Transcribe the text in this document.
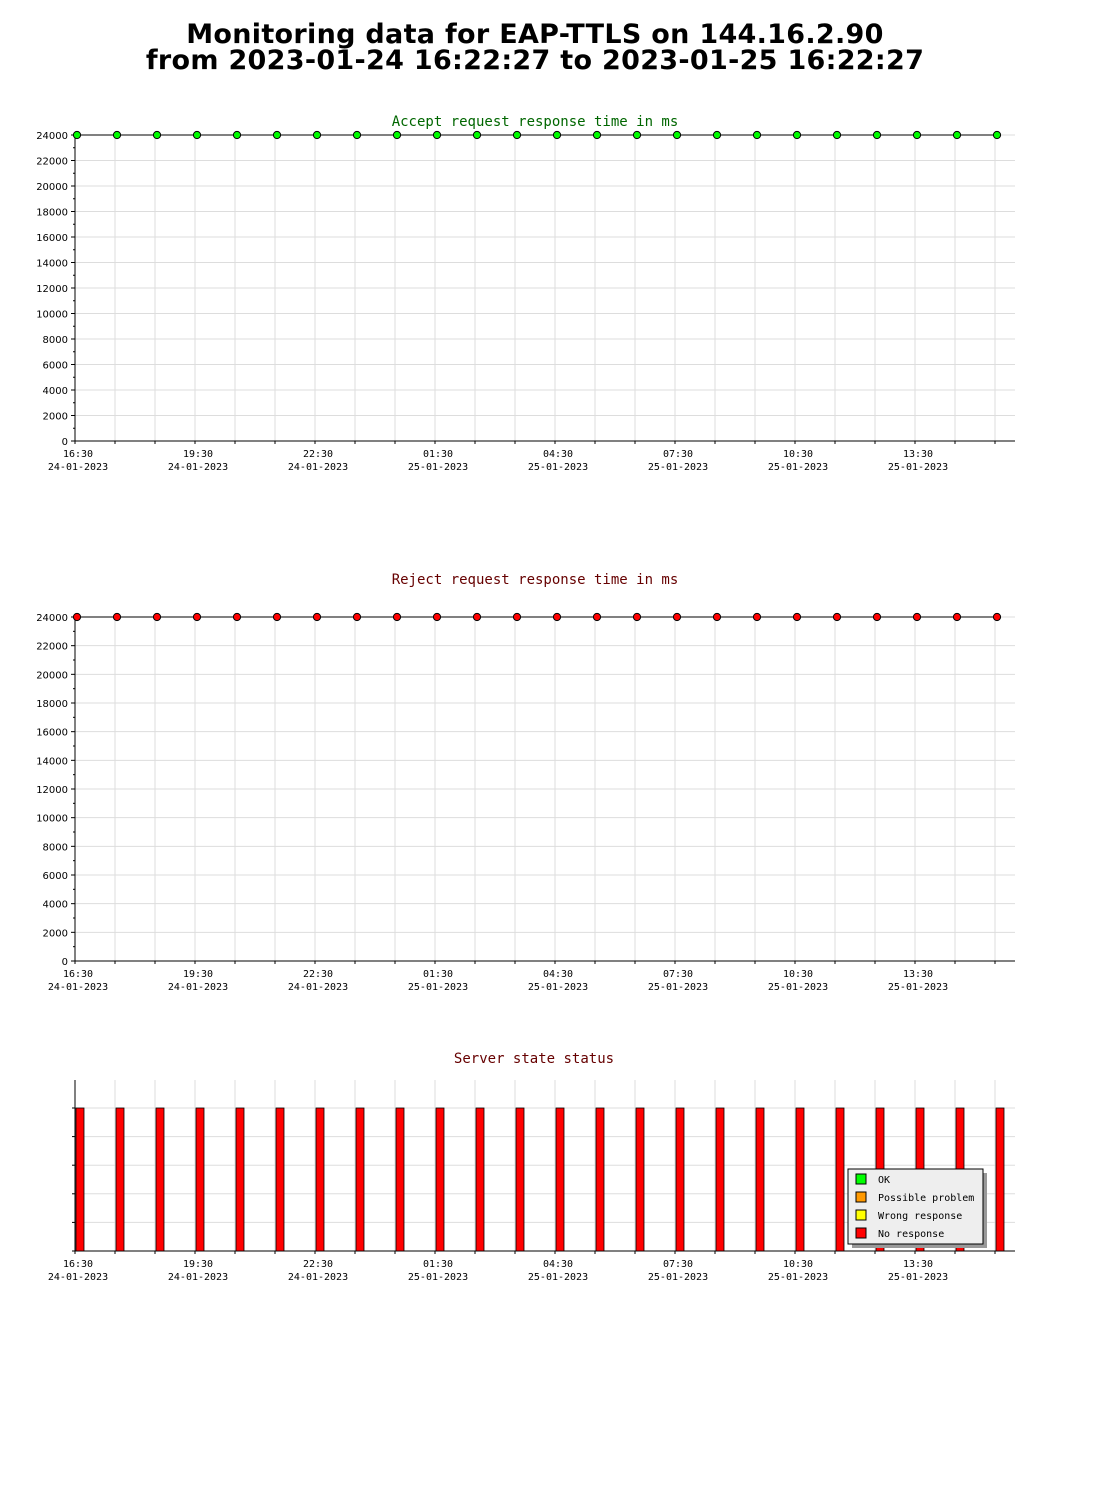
Monitoring data for EAP-TTLS on 144.16.2.90
from 2023-01-24 16:22:27 to 2023-01-25 16:22:27
Accept request response time in ms
0
2000
4000
6000
8000
10000
12000
14000
16000
18000
20000
22000
24000
16:30
24-01-2023
19:30
24-01-2023
22:30
24-01-2023
01:30
25-01-2023
04:30
25-01-2023
07:30
25-01-2023
10:30
25-01-2023
13:30
25-01-2023
Reject request response time in ms
0
2000
4000
6000
8000
10000
12000
14000
16000
18000
20000
22000
24000
16:30
24-01-2023
19:30
24-01-2023
22:30
24-01-2023
01:30
25-01-2023
04:30
25-01-2023
07:30
25-01-2023
10:30
25-01-2023
13:30
25-01-2023
Server state status
16:30
24-01-2023
19:30
24-01-2023
22:30
24-01-2023
01:30
25-01-2023
04:30
25-01-2023
07:30
25-01-2023
10:30
25-01-2023
13:30
25-01-2023
OK
Possible problem
Wrong response
No response
